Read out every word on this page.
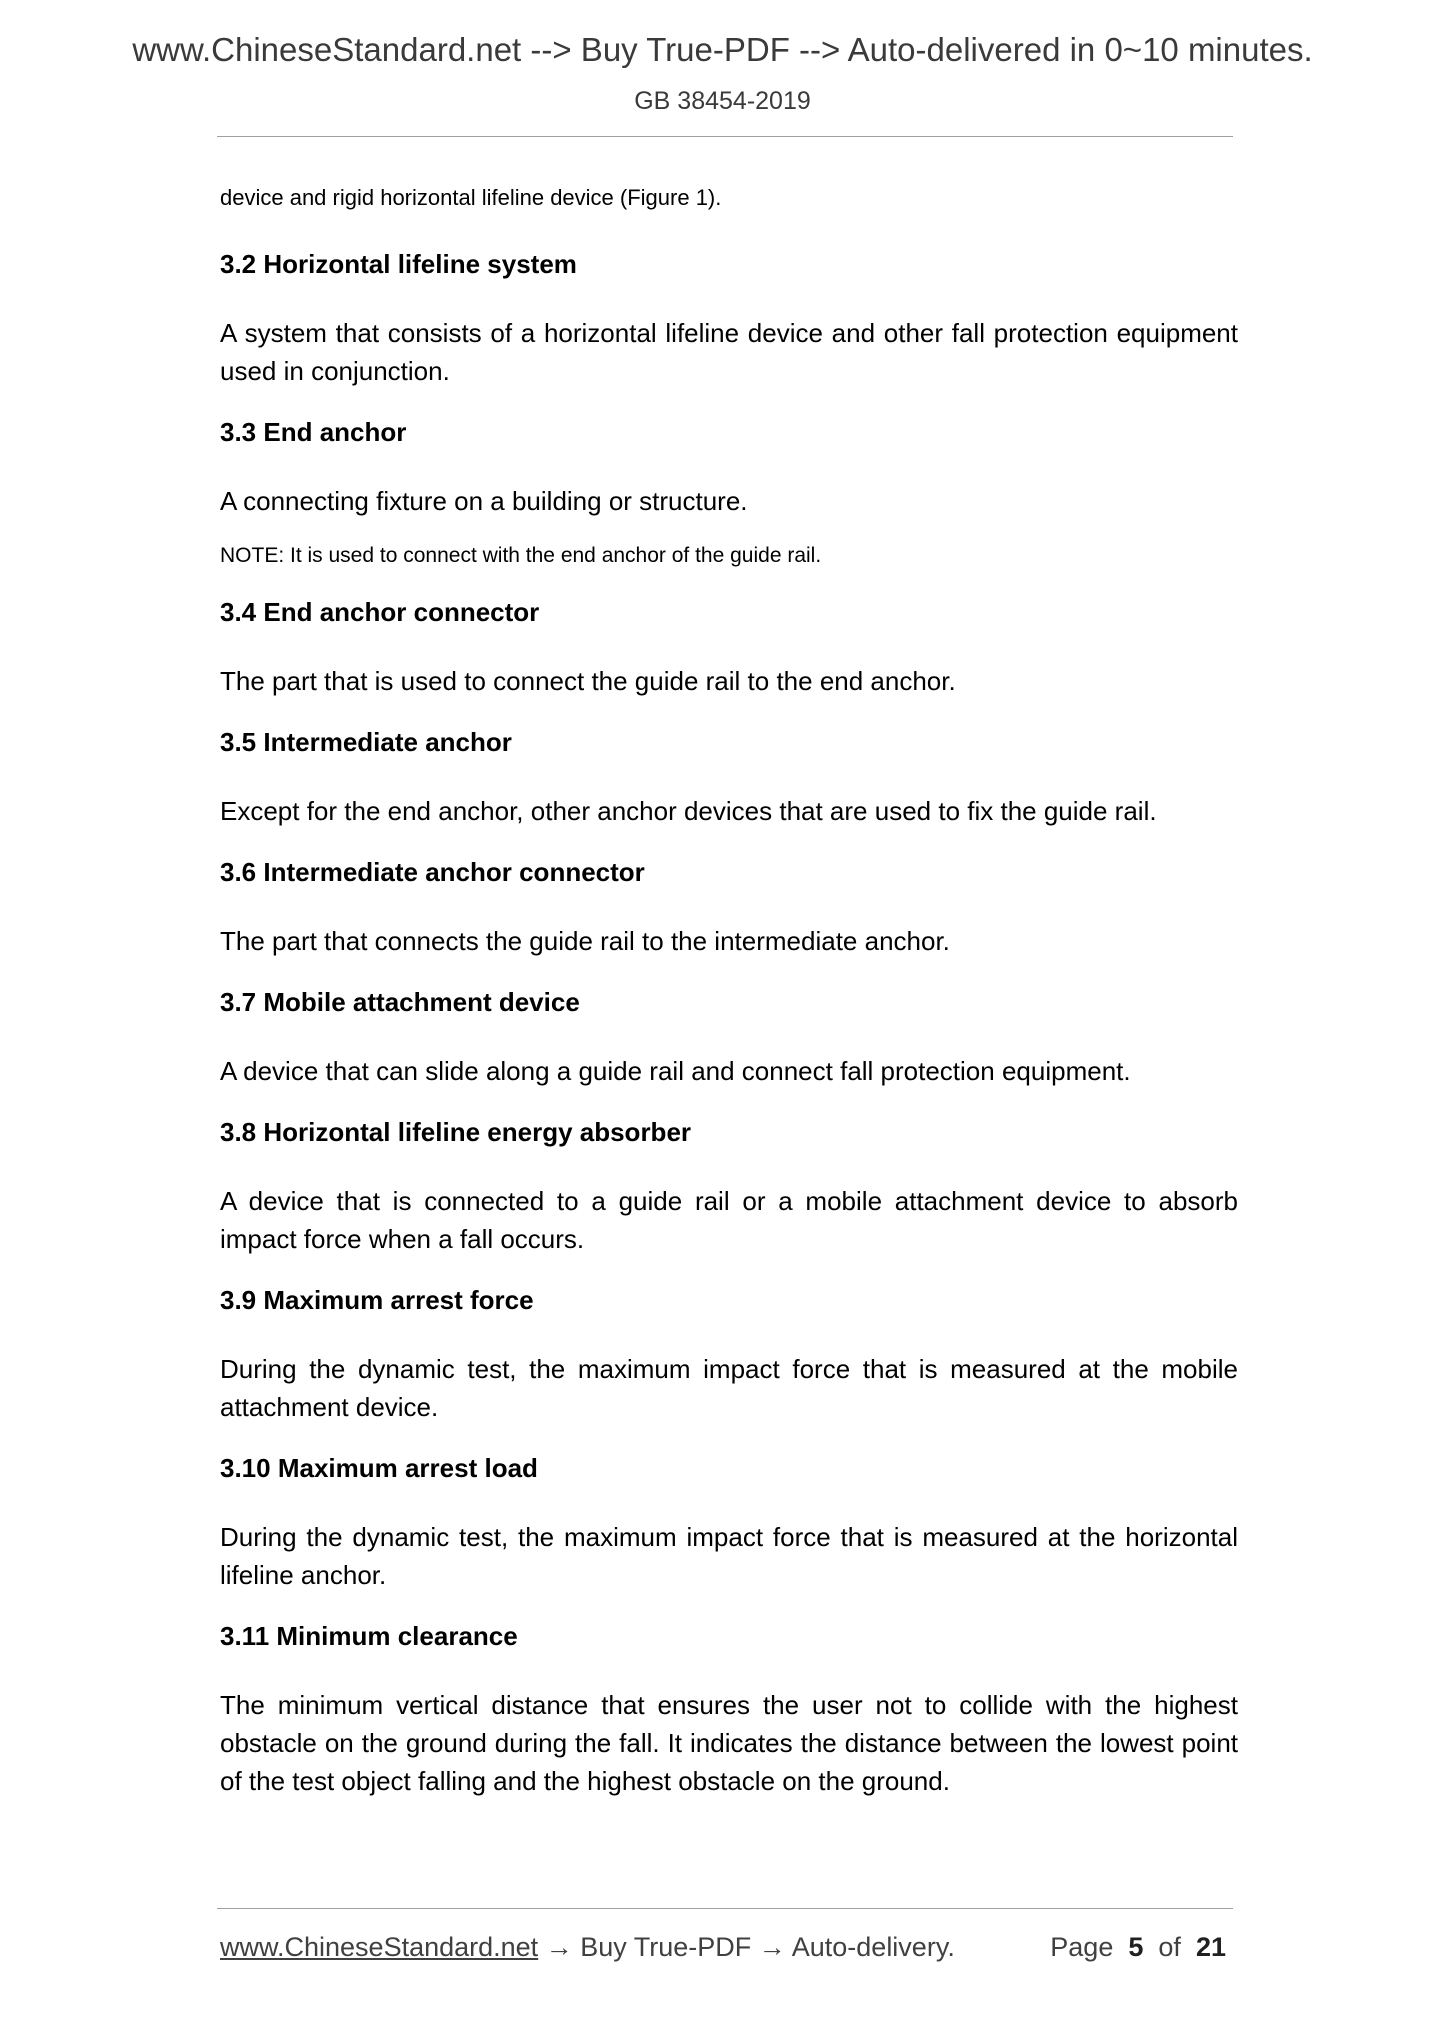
www.ChineseStandard.net --> Buy True-PDF --> Auto-delivered in 0~10 minutes.
GB 38454-2019

device and rigid horizontal lifeline device (Figure 1).

3.2 Horizontal lifeline system

A system that consists of a horizontal lifeline device and other fall protection equipment used in conjunction.

3.3 End anchor

A connecting fixture on a building or structure.

NOTE: It is used to connect with the end anchor of the guide rail.

3.4 End anchor connector

The part that is used to connect the guide rail to the end anchor.

3.5 Intermediate anchor

Except for the end anchor, other anchor devices that are used to fix the guide rail.

3.6 Intermediate anchor connector

The part that connects the guide rail to the intermediate anchor.

3.7 Mobile attachment device

A device that can slide along a guide rail and connect fall protection equipment.

3.8 Horizontal lifeline energy absorber

A device that is connected to a guide rail or a mobile attachment device to absorb impact force when a fall occurs.

3.9 Maximum arrest force

During the dynamic test, the maximum impact force that is measured at the mobile attachment device.

3.10 Maximum arrest load

During the dynamic test, the maximum impact force that is measured at the horizontal lifeline anchor.

3.11 Minimum clearance

The minimum vertical distance that ensures the user not to collide with the highest obstacle on the ground during the fall. It indicates the distance between the lowest point of the test object falling and the highest obstacle on the ground.

www.ChineseStandard.net → Buy True-PDF → Auto-delivery.	Page 5 of 21
